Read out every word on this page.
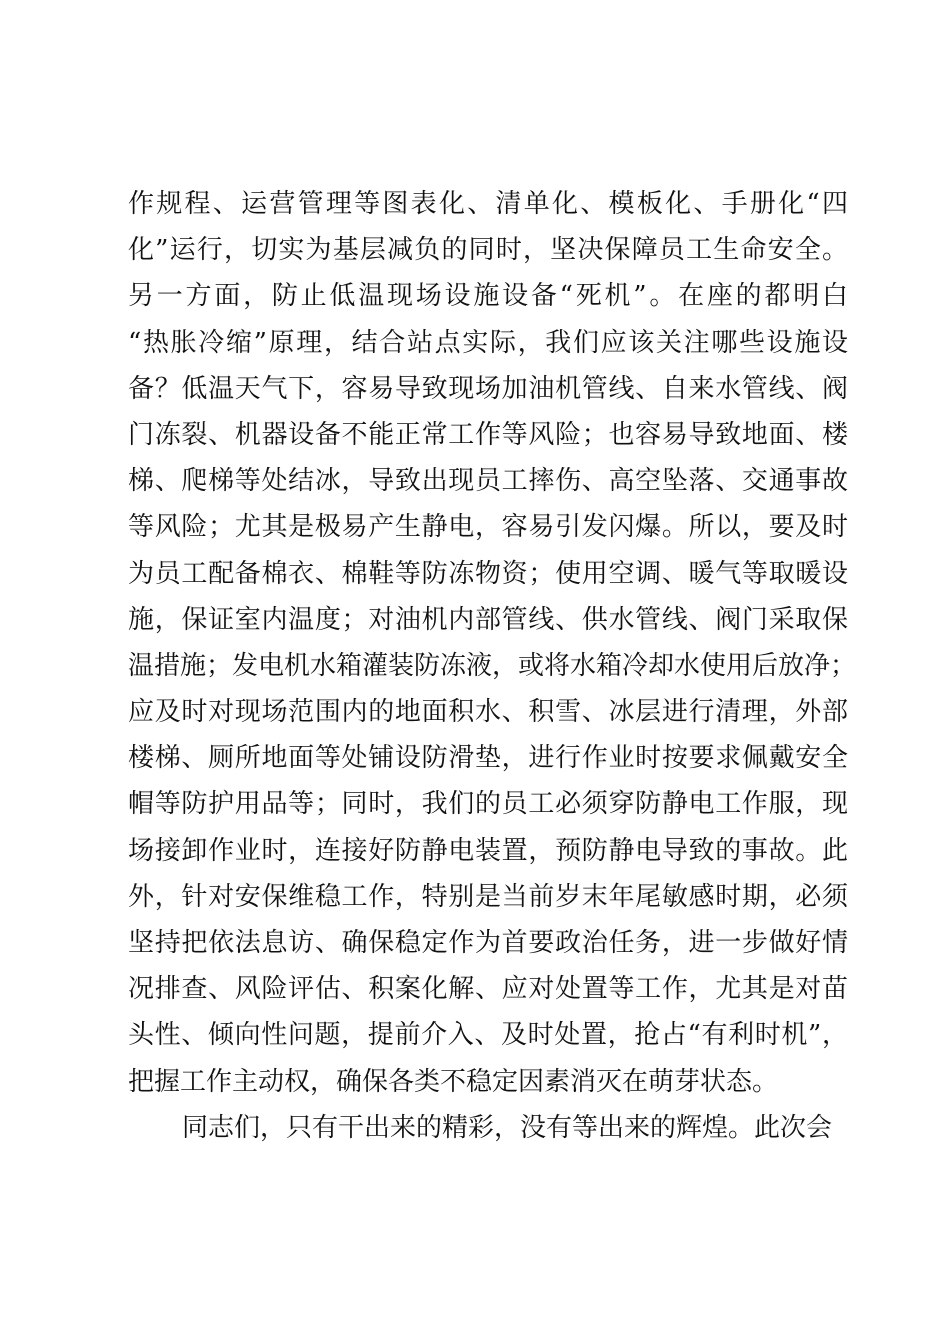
作规程、运营管理等图表化、清单化、模板化、手册化“四
化”运行，切实为基层减负的同时，坚决保障员工生命安全。
另一方面，防止低温现场设施设备“死机”。在座的都明白
“热胀冷缩”原理，结合站点实际，我们应该关注哪些设施设
备？低温天气下，容易导致现场加油机管线、自来水管线、阀
门冻裂、机器设备不能正常工作等风险；也容易导致地面、楼
梯、爬梯等处结冰，导致出现员工摔伤、高空坠落、交通事故
等风险；尤其是极易产生静电，容易引发闪爆。所以，要及时
为员工配备棉衣、棉鞋等防冻物资；使用空调、暖气等取暖设
施，保证室内温度；对油机内部管线、供水管线、阀门采取保
温措施；发电机水箱灌装防冻液，或将水箱冷却水使用后放净；
应及时对现场范围内的地面积水、积雪、冰层进行清理，外部
楼梯、厕所地面等处铺设防滑垫，进行作业时按要求佩戴安全
帽等防护用品等；同时，我们的员工必须穿防静电工作服，现
场接卸作业时，连接好防静电装置，预防静电导致的事故。此
外，针对安保维稳工作，特别是当前岁末年尾敏感时期，必须
坚持把依法息访、确保稳定作为首要政治任务，进一步做好情
况排查、风险评估、积案化解、应对处置等工作，尤其是对苗
头性、倾向性问题，提前介入、及时处置，抢占“有利时机”，
把握工作主动权，确保各类不稳定因素消灭在萌芽状态。
同志们，只有干出来的精彩，没有等出来的辉煌。此次会
